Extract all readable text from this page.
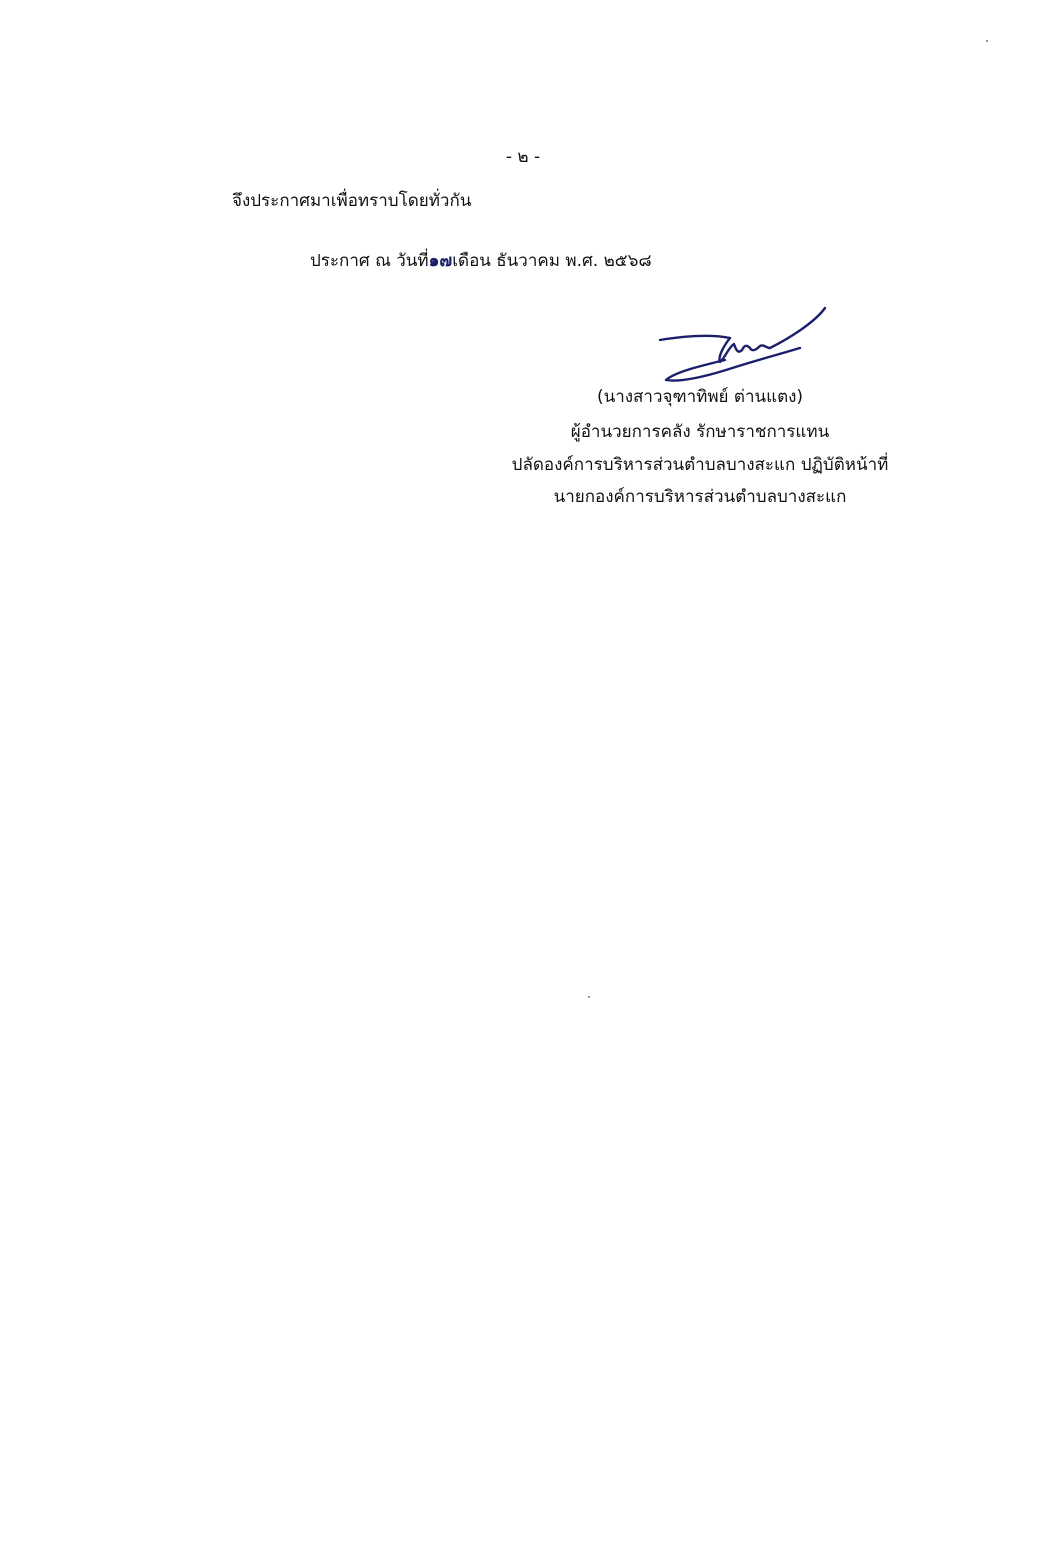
- ๒ -
จึงประกาศมาเพื่อทราบโดยทั่วกัน
ประกาศ ณ วันที่๑๗เดือน ธันวาคม พ.ศ. ๒๕๖๘
(นางสาวจุฑาทิพย์ ต่านแตง)
ผู้อำนวยการคลัง รักษาราชการแทน
ปลัดองค์การบริหารส่วนตำบลบางสะแก ปฏิบัติหน้าที่
นายกองค์การบริหารส่วนตำบลบางสะแก
